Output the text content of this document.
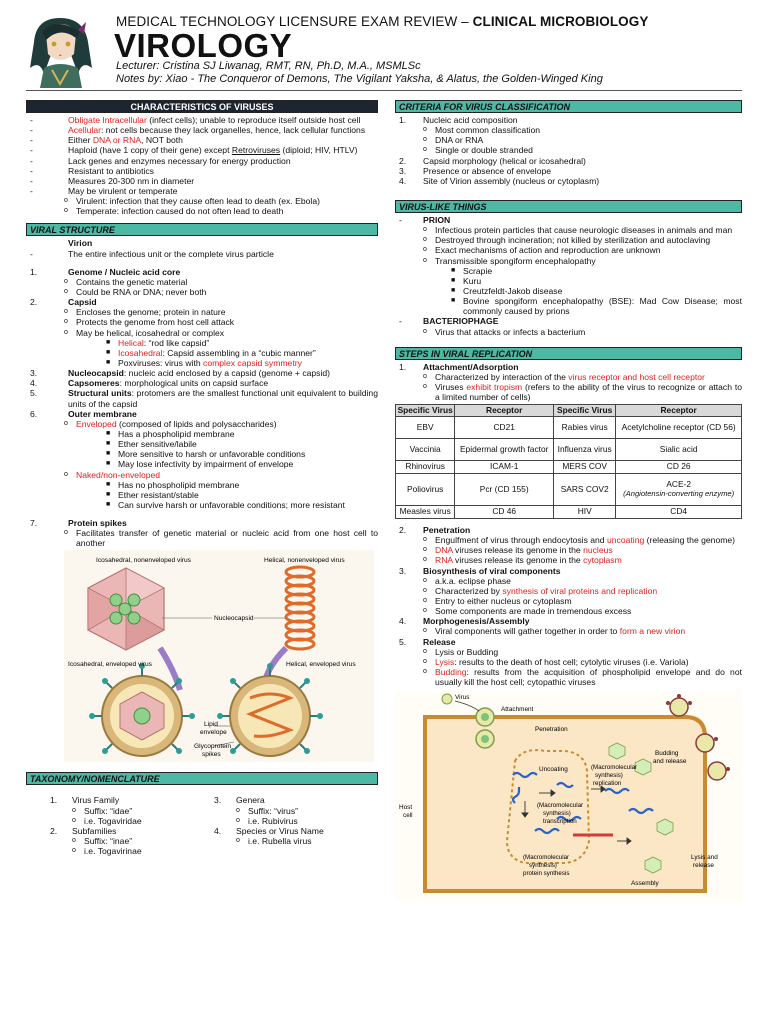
MEDICAL TECHNOLOGY LICENSURE EXAM REVIEW – CLINICAL MICROBIOLOGY
VIROLOGY
Lecturer: Cristina SJ Liwanag, RMT, RN, Ph.D, M.A., MSMLSc
Notes by: Xiao - The Conqueror of Demons, The Vigilant Yaksha, & Alatus, the Golden-Winged King
CHARACTERISTICS OF VIRUSES
-	Obligate Intracellular (infect cells); unable to reproduce itself outside host cell
-	Acellular: not cells because they lack organelles, hence, lack cellular functions
-	Either DNA or RNA, NOT both
-	Haploid (have 1 copy of their gene) except Retroviruses (diploid; HIV, HTLV)
-	Lack genes and enzymes necessary for energy production
-	Resistant to antibiotics
-	Measures 20-300 nm in diameter
-	May be virulent or temperate
o Virulent: infection that they cause often lead to death (ex. Ebola)
o Temperate: infection caused do not often lead to death
VIRAL STRUCTURE
Virion
-	The entire infectious unit or the complete virus particle
1.	Genome / Nucleic acid core
o Contains the genetic material
o Could be RNA or DNA; never both
2.	Capsid
o Encloses the genome; protein in nature
o Protects the genome from host cell attack
o May be helical, icosahedral or complex
■ Helical: “rod like capsid”
■ Icosahedral: Capsid assembling in a “cubic manner”
■ Poxviruses: virus with complex capsid symmetry
3.	Nucleocapsid: nucleic acid enclosed by a capsid (genome + capsid)
4.	Capsomeres: morphological units on capsid surface
5.	Structural units: protomers are the smallest functional unit equivalent to building units of the capsid
6.	Outer membrane
o Enveloped (composed of lipids and polysaccharides)
■ Has a phospholipid membrane
■ Ether sensitive/labile
■ More sensitive to harsh or unfavorable conditions
■ May lose infectivity by impairment of envelope
o Naked/non-enveloped
■ Has no phospholipid membrane
■ Ether resistant/stable
■ Can survive harsh or unfavorable conditions; more resistant
7.	Protein spikes
o Facilitates transfer of genetic material or nucleic acid from one host cell to another
Icosahedral, nonenveloped virus	Helical, nonenveloped virus
Nucleocapsid
Icosahedral, enveloped virus	Helical, enveloped virus
Lipid
envelope
Glycoprotein
spikes
TAXONOMY/NOMENCLATURE
1.	Virus Family
o Suffix: “idae”
o i.e. Togaviridae
2.	Subfamilies
o Suffix: “inae”
o i.e. Togavirinae
3.	Genera
o Suffix: “virus”
o i.e. Rubivirus
4.	Species or Virus Name
o i.e. Rubella virus
CRITERIA FOR VIRUS CLASSIFICATION
1.	Nucleic acid composition
o Most common classification
o DNA or RNA
o Single or double stranded
2.	Capsid morphology (helical or icosahedral)
3.	Presence or absence of envelope
4.	Site of Virion assembly (nucleus or cytoplasm)
VIRUS-LIKE THINGS
-	PRION
o Infectious protein particles that cause neurologic diseases in animals and man
o Destroyed through incineration; not killed by sterilization and autoclaving
o Exact mechanisms of action and reproduction are unknown
o Transmissible spongiform encephalopathy
■ Scrapie
■ Kuru
■ Creutzfeldt-Jakob disease
■ Bovine spongiform encephalopathy (BSE): Mad Cow Disease; most commonly caused by prions
-	BACTERIOPHAGE
o Virus that attacks or infects a bacterium
STEPS IN VIRAL REPLICATION
1.	Attachment/Adsorption
o Characterized by interaction of the virus receptor and host cell receptor
o Viruses exhibit tropism (refers to the ability of the virus to recognize or attach to a limited number of cells)
Specific Virus	Receptor	Specific Virus	Receptor
EBV	CD21	Rabies virus	Acetylcholine receptor (CD 56)
Vaccinia	Epidermal growth factor	Influenza virus	Sialic acid
Rhinovirus	ICAM-1	MERS COV	CD 26
Poliovirus	Pcr (CD 155)	SARS COV2	ACE-2
(Angiotensin-converting enzyme)

Measles virus	CD 46	HIV	CD4
2.	Penetration
o Engulfment of virus through endocytosis and uncoating (releasing the genome)
o DNA viruses release its genome in the nucleus
o RNA viruses release its genome in the cytoplasm
3.	Biosynthesis of viral components
o a.k.a. eclipse phase
o Characterized by synthesis of viral proteins and replication
o Entry to either nucleus or cytoplasm
o Some components are made in tremendous excess
4.	Morphogenesis/Assembly
o Viral components will gather together in order to form a new virion
5.	Release
o Lysis or Budding
o Lysis: results to the death of host cell; cytolytic viruses (i.e. Variola)
o Budding: results from the acquisition of phospholipid envelope and do not usually kill the host cell; cytopathic viruses
Virus
Attachment
Penetration
Uncoating
Host
cell
Budding
and release
(Macromolecular
synthesis)
replication
(Macromolecular
synthesis)
transcription
(Macromolecular
synthesis)
protein synthesis
Assembly
Lysis and
release
